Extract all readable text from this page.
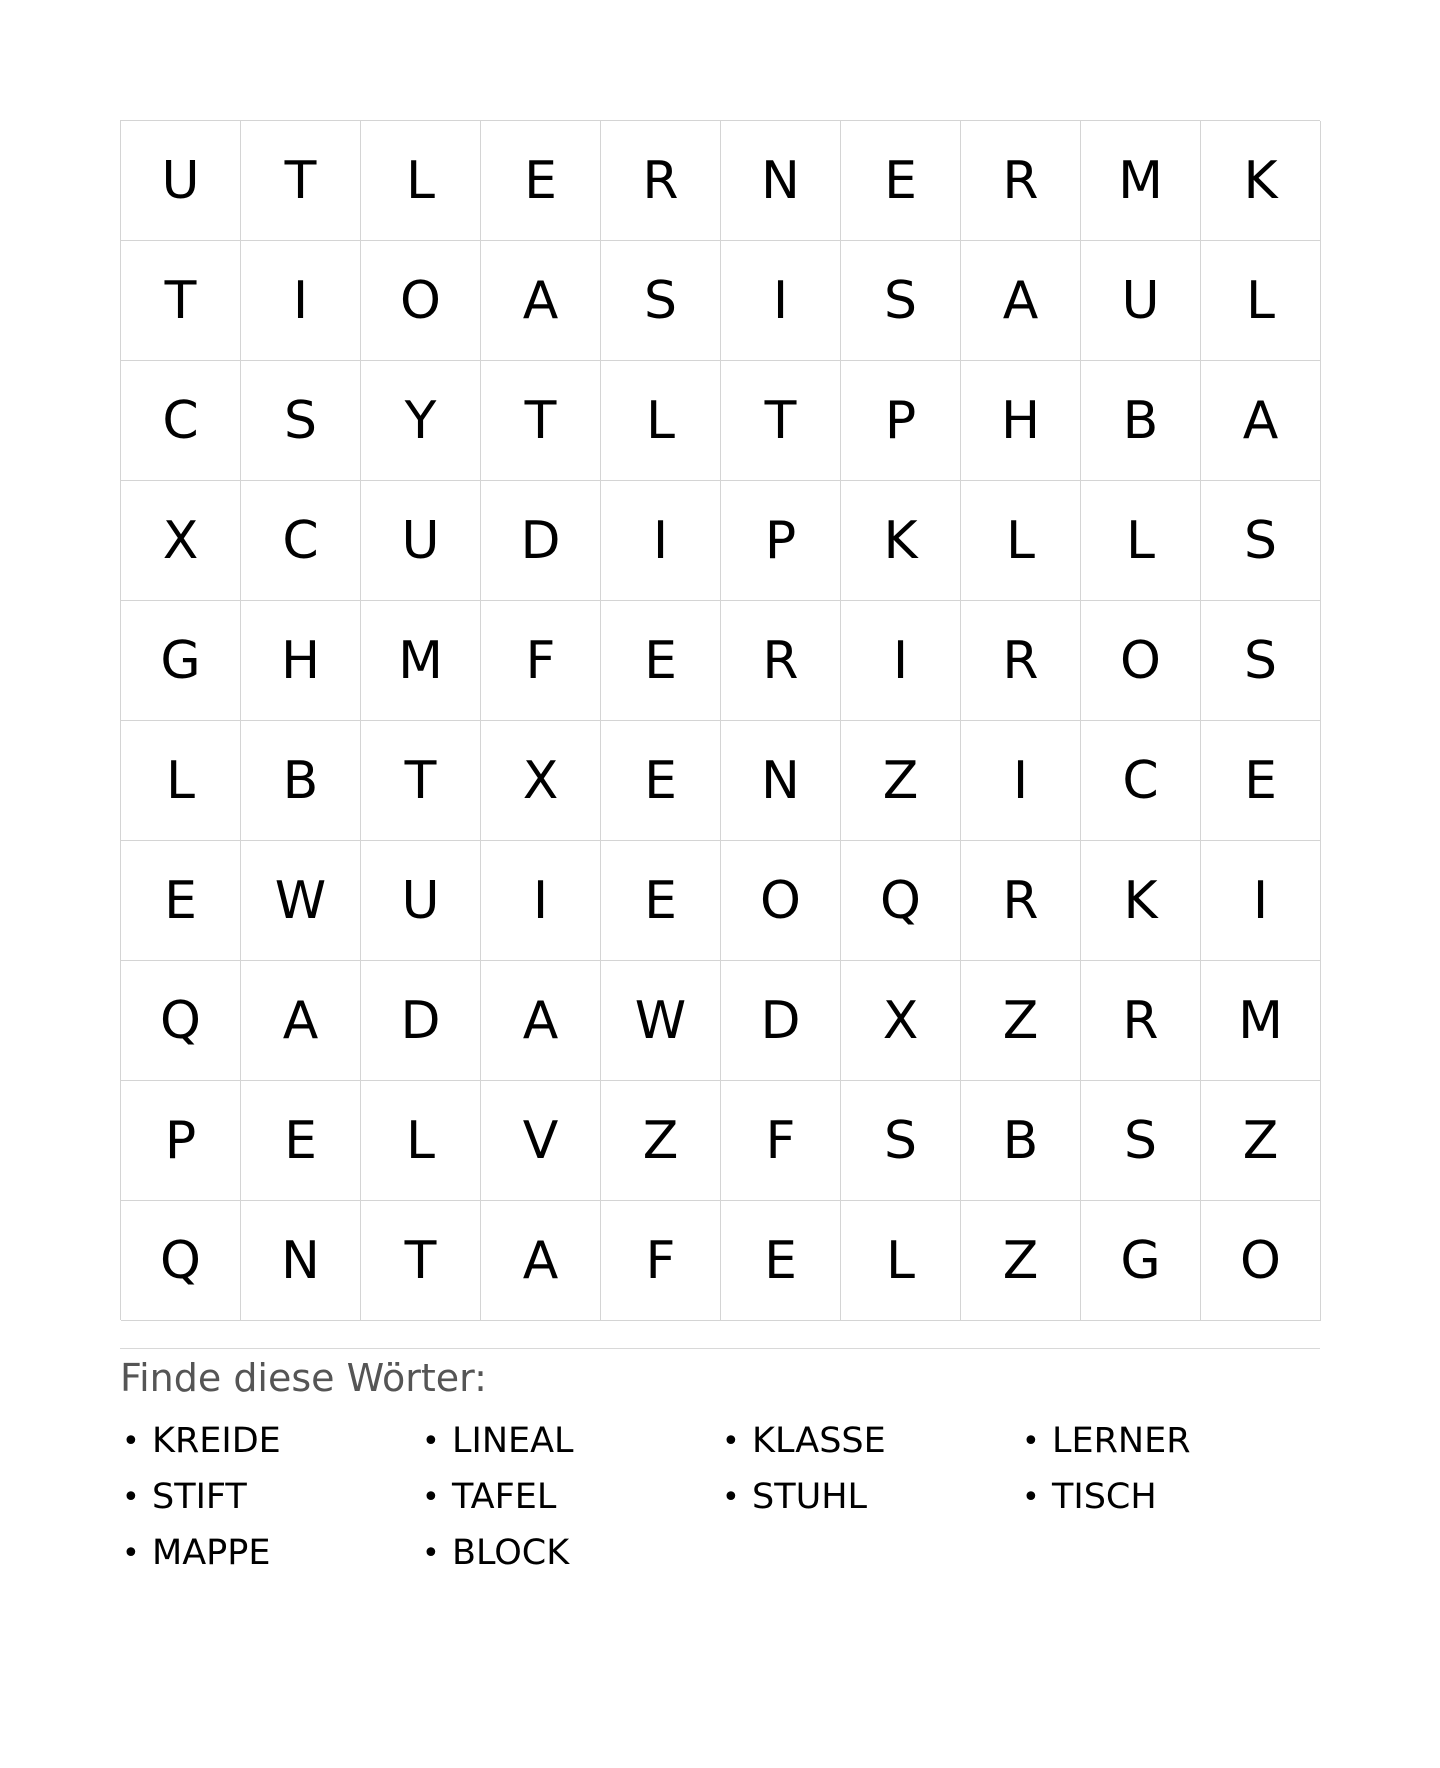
U	T	L	E	R	N	E	R	M	K
T	I	O	A	S	I	S	A	U	L
C	S	Y	T	L	T	P	H	B	A
X	C	U	D	I	P	K	L	L	S
G	H	M	F	E	R	I	R	O	S
L	B	T	X	E	N	Z	I	C	E
E	W	U	I	E	O	Q	R	K	I
Q	A	D	A	W	D	X	Z	R	M
P	E	L	V	Z	F	S	B	S	Z
Q	N	T	A	F	E	L	Z	G	O
Finde diese Wörter:
• KREIDE	• LINEAL	• KLASSE	• LERNER
• STIFT	• TAFEL	• STUHL	• TISCH
• MAPPE	• BLOCK
